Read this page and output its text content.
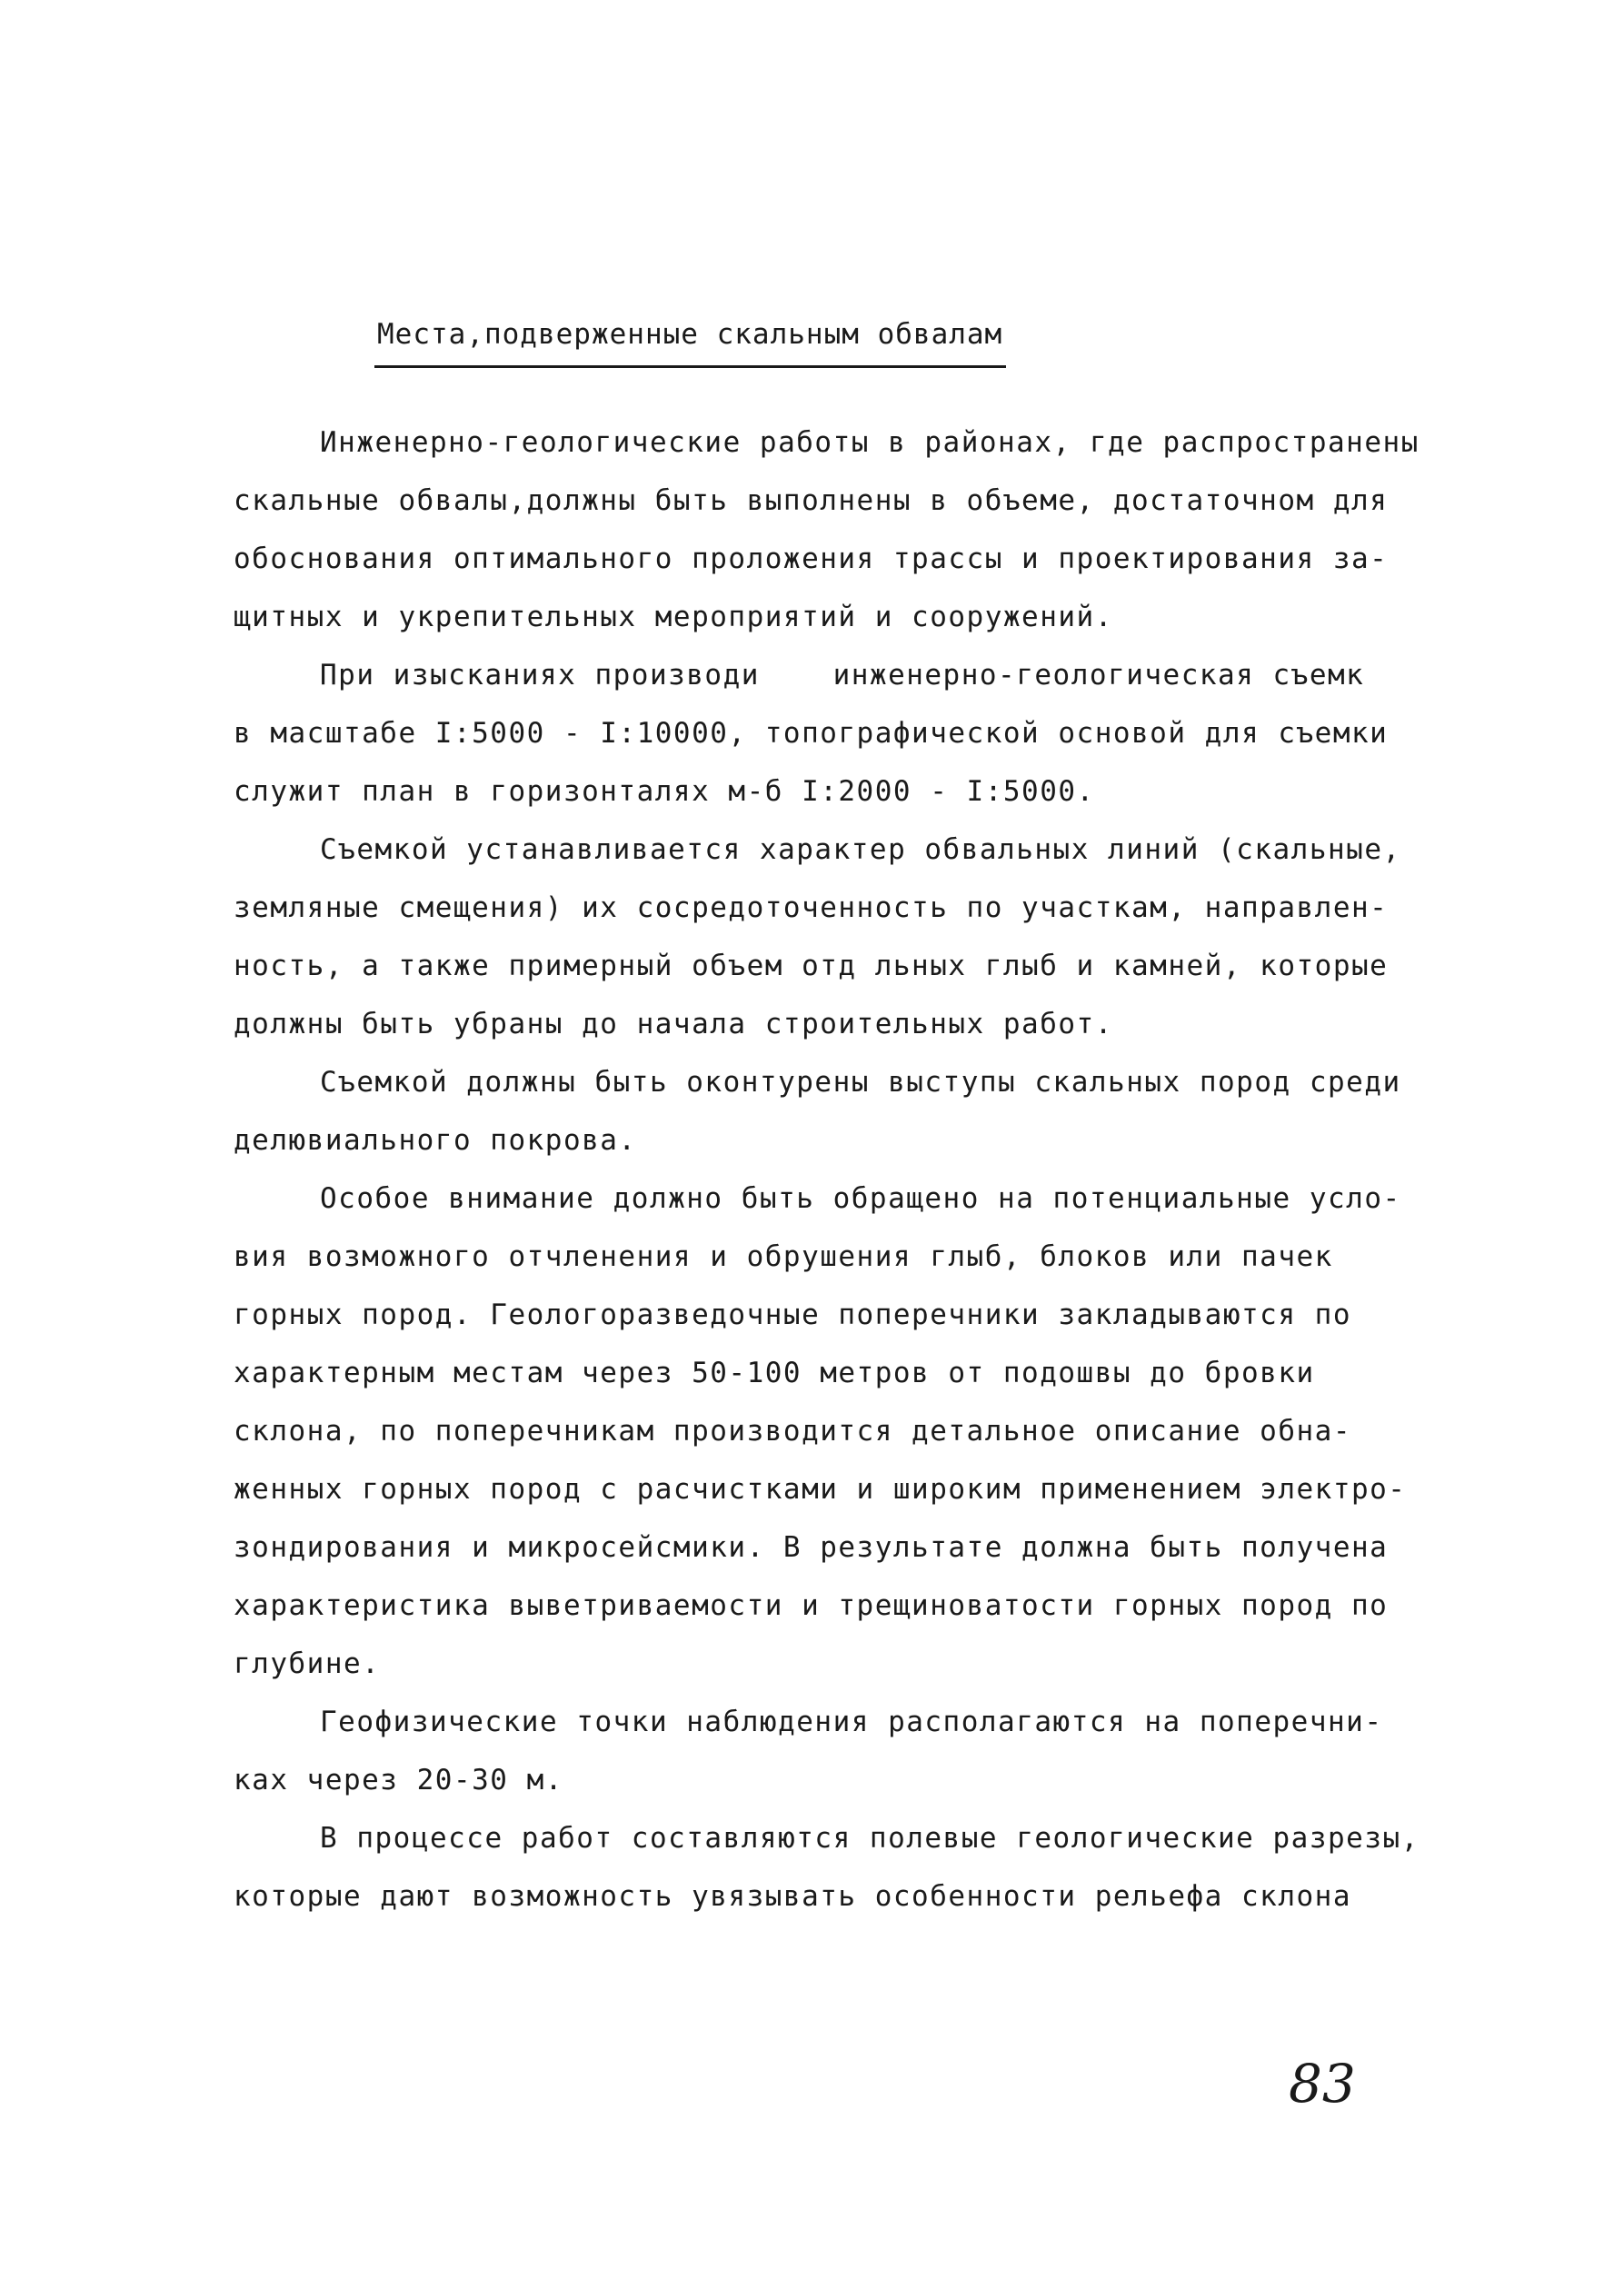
Места,подверженные скальным обвалам
Инженерно-геологические работы в районах, где распространены
скальные обвалы,должны быть выполнены в объеме, достаточном для
обоснования оптимального проложения трассы и проектирования за-
щитных и укрепительных мероприятий и сооружений.
При изысканиях производи    инженерно-геологическая съемк
в масштабе I:5000 - I:10000, топографической основой для съемки
служит план в горизонталях м-б I:2000 - I:5000.
Съемкой устанавливается характер обвальных линий (скальные,
земляные смещения) их сосредоточенность по участкам, направлен-
ность, а также примерный объем отд льных глыб и камней, которые
должны быть убраны до начала строительных работ.
Съемкой должны быть оконтурены выступы скальных пород среди
делювиального покрова.
Особое внимание должно быть обращено на потенциальные усло-
вия возможного отчленения и обрушения глыб, блоков или пачек
горных пород. Геологоразведочные поперечники закладываются по
характерным местам через 50-100 метров от подошвы до бровки
склона, по поперечникам производится детальное описание обна-
женных горных пород с расчистками и широким применением электро-
зондирования и микросейсмики. В результате должна быть получена
характеристика выветриваемости и трещиноватости горных пород по
глубине.
Геофизические точки наблюдения располагаются на поперечни-
ках через 20-30 м.
В процессе работ составляются полевые геологические разрезы,
которые дают возможность увязывать особенности рельефа склона
83
